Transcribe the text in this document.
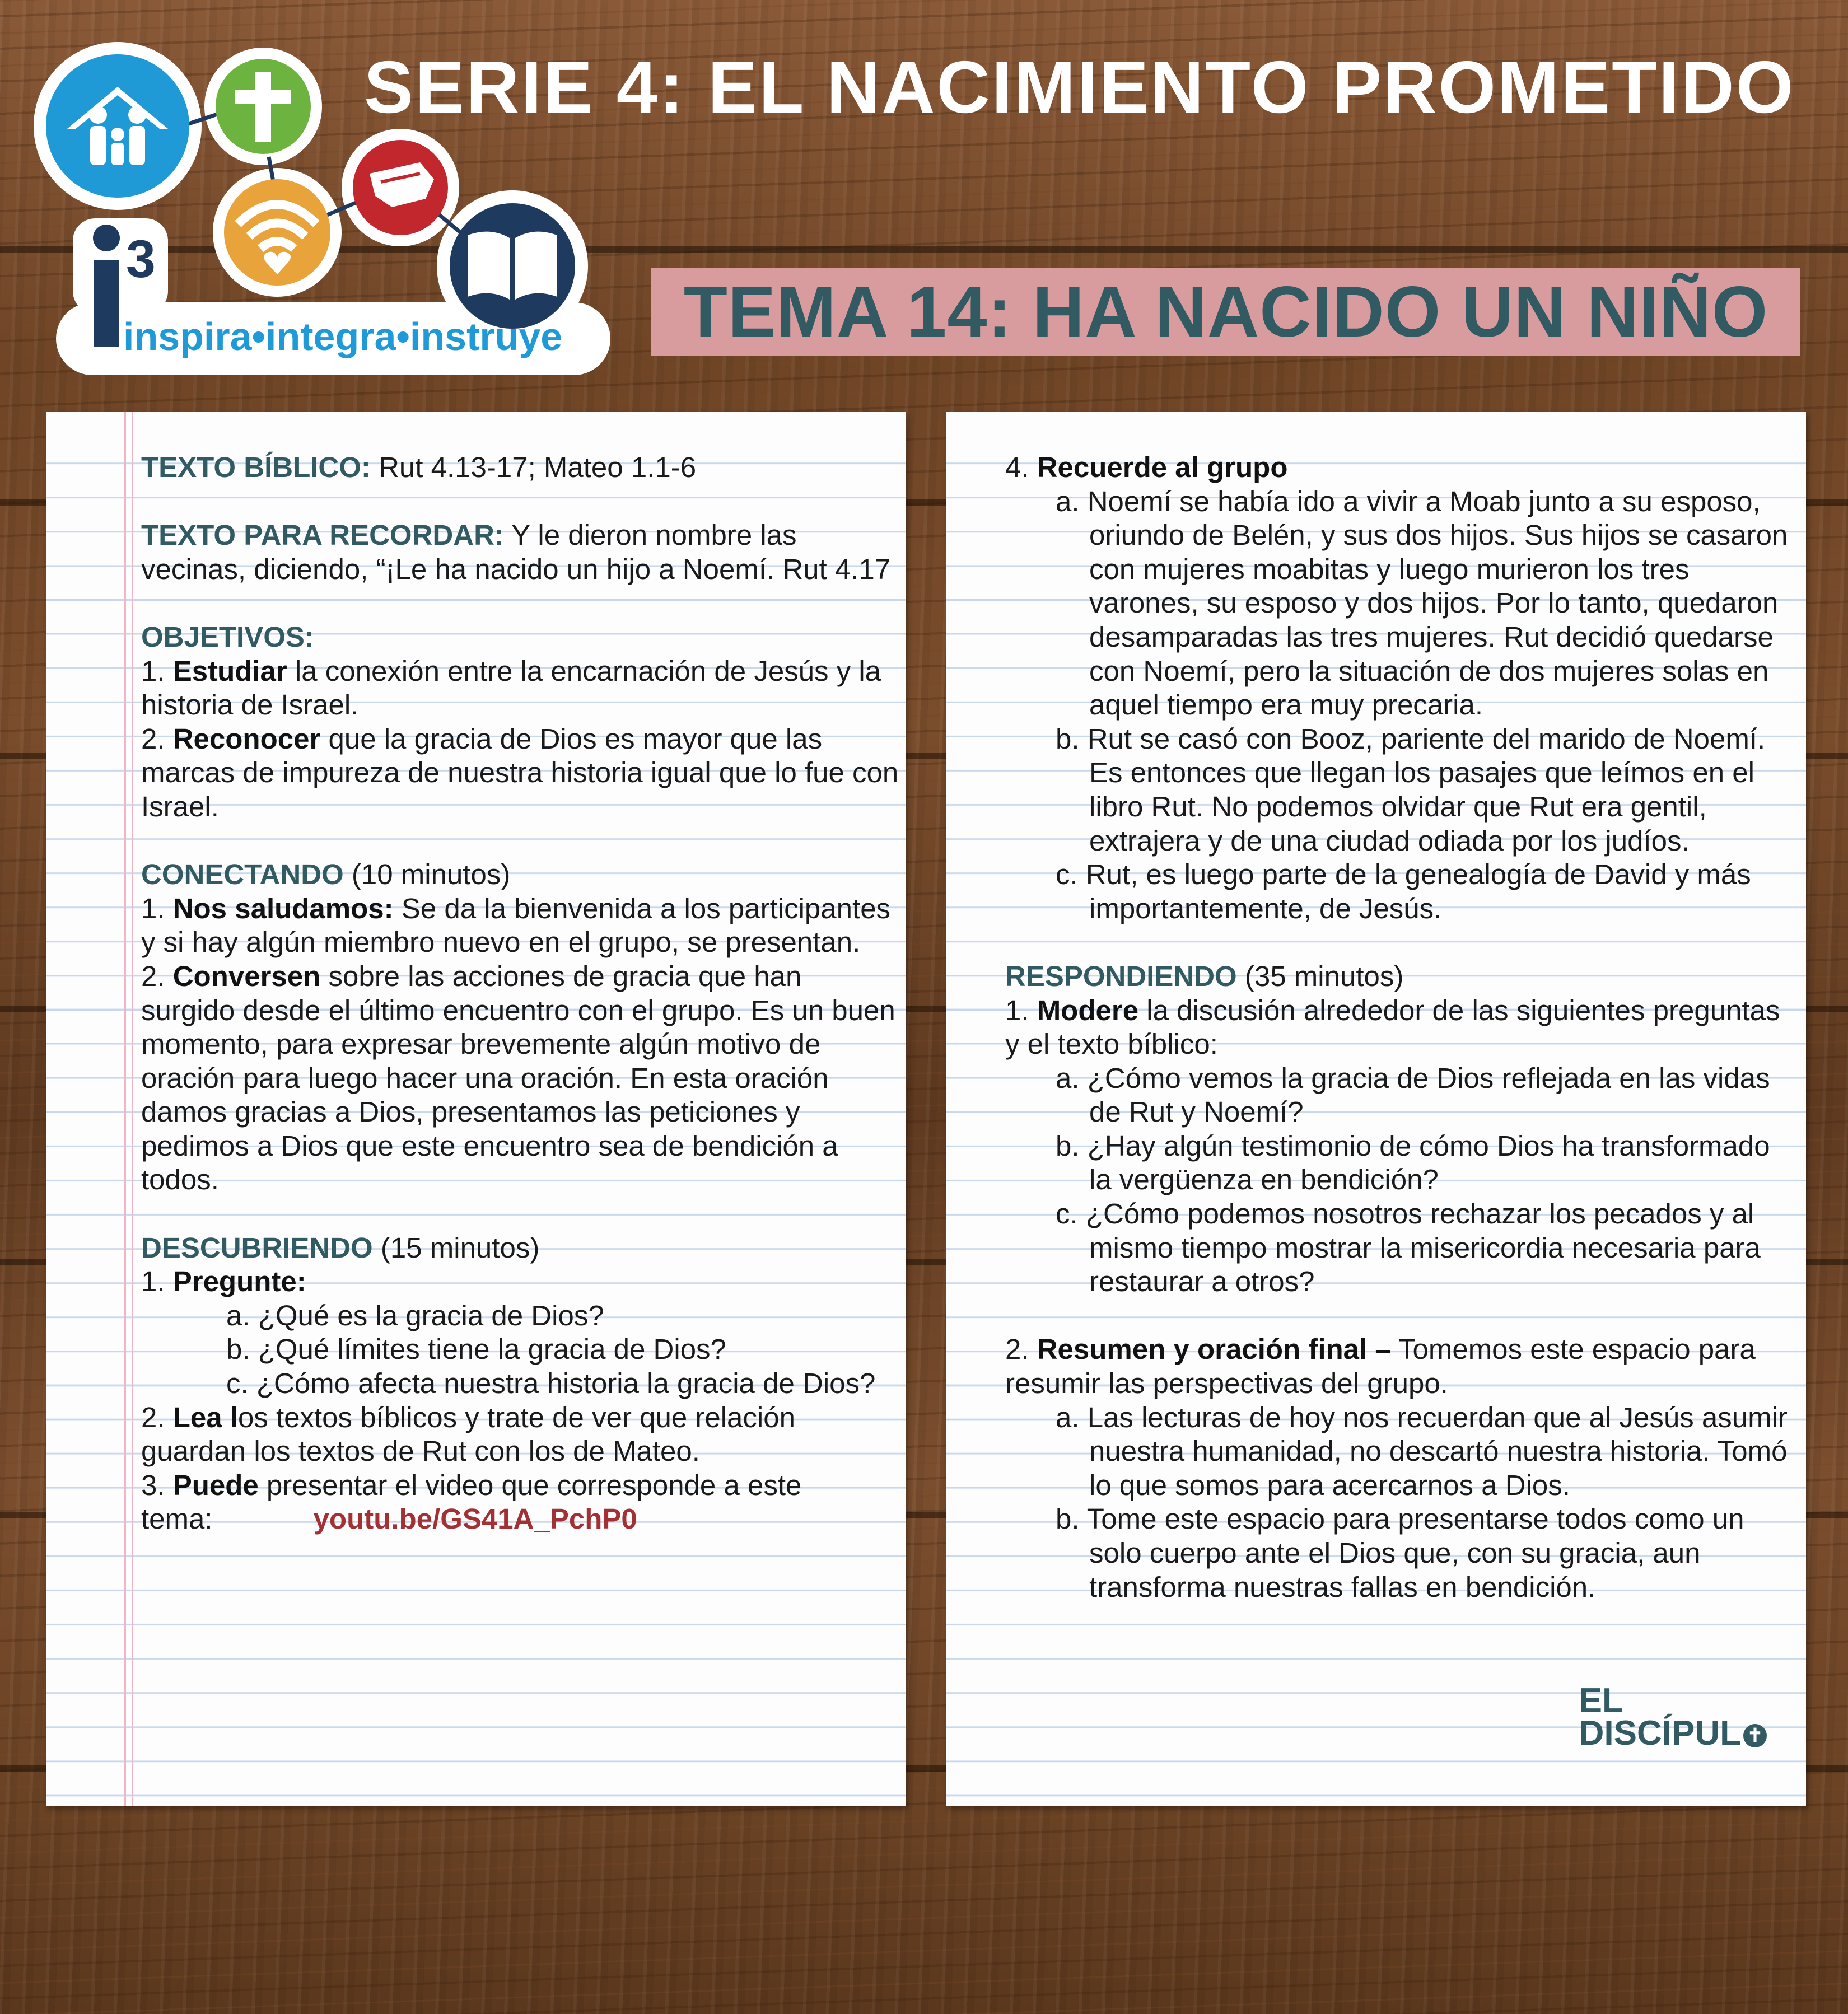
3
inspira•integra•instruye
SERIE 4: EL NACIMIENTO PROMETIDO
TEMA 14: HA NACIDO UN NIÑO

TEXTO BÍBLICO: Rut 4.13-17; Mateo 1.1-6

TEXTO PARA RECORDAR: Y le dieron nombre las vecinas, diciendo, “¡Le ha nacido un hijo a Noemí. Rut 4.17

OBJETIVOS:

1. Estudiar la conexión entre la encarnación de Jesús y la historia de Israel.

2. Reconocer que la gracia de Dios es mayor que las marcas de impureza de nuestra historia igual que lo fue con Israel.

CONECTANDO (10 minutos)

1. Nos saludamos: Se da la bienvenida a los participantes y si hay algún miembro nuevo en el grupo, se presentan.

2. Conversen sobre las acciones de gracia que han surgido desde el último encuentro con el grupo. Es un buen momento, para expresar brevemente algún motivo de oración para luego hacer una oración. En esta oración damos gracias a Dios, presentamos las peticiones y pedimos a Dios que este encuentro sea de bendición a todos.

DESCUBRIENDO (15 minutos)

1. Pregunte:

a. ¿Qué es la gracia de Dios?

b. ¿Qué límites tiene la gracia de Dios?

c. ¿Cómo afecta nuestra historia la gracia de Dios?

2. Lea los textos bíblicos y trate de ver que relación guardan los textos de Rut con los de Mateo.

3. Puede presentar el video que corresponde a este tema:	youtu.be/GS41A_PchP0

4. Recuerde al grupo

a. Noemí se había ido a vivir a Moab junto a su esposo, oriundo de Belén, y sus dos hijos. Sus hijos se casaron con mujeres moabitas y luego murieron los tres varones, su esposo y dos hijos. Por lo tanto, quedaron desamparadas las tres mujeres. Rut decidió quedarse con Noemí, pero la situación de dos mujeres solas en aquel tiempo era muy precaria.

b. Rut se casó con Booz, pariente del marido de Noemí. Es entonces que llegan los pasajes que leímos en el libro Rut. No podemos olvidar que Rut era gentil, extrajera y de una ciudad odiada por los judíos.

c. Rut, es luego parte de la genealogía de David y más importantemente, de Jesús.

RESPONDIENDO (35 minutos)

1. Modere la discusión alrededor de las siguientes preguntas y el texto bíblico:

a. ¿Cómo vemos la gracia de Dios reflejada en las vidas de Rut y Noemí?

b. ¿Hay algún testimonio de cómo Dios ha transformado la vergüenza en bendición?

c. ¿Cómo podemos nosotros rechazar los pecados y al mismo tiempo mostrar la misericordia necesaria para restaurar a otros?

2. Resumen y oración final – Tomemos este espacio para resumir las perspectivas del grupo.

a. Las lecturas de hoy nos recuerdan que al Jesús asumir nuestra humanidad, no descartó nuestra historia. Tomó lo que somos para acercarnos a Dios.

b. Tome este espacio para presentarse todos como un solo cuerpo ante el Dios que, con su gracia, aun transforma nuestras fallas en bendición.

EL
DISCÍPUL ✝
